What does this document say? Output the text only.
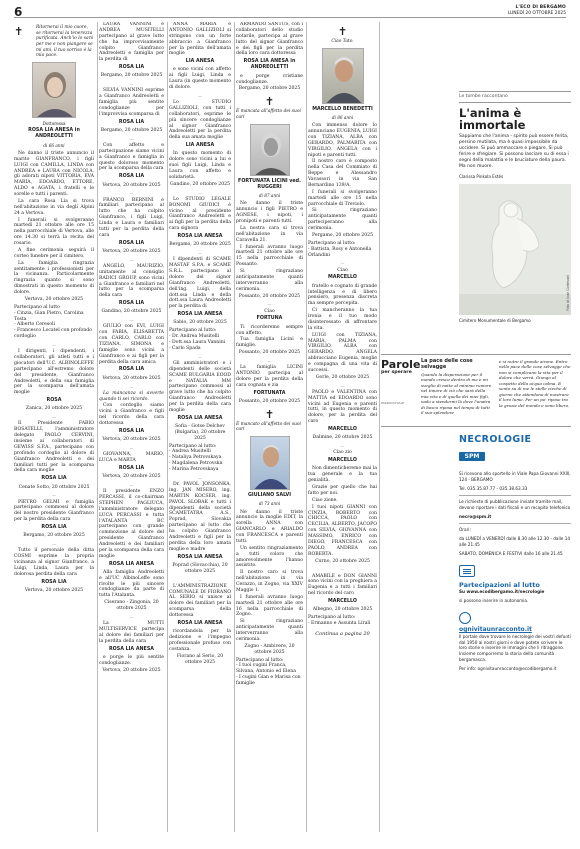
6	L'ECO DI BERGAMO
LUNEDÌ 20 OTTOBRE 2025
✝	Ritornerai il mio cuore, se ritornerai la tenerezza purificata. Anch'io lo sarò per me e non piangere se mi ami, il tuo sorriso è la mia pace.
Dottoressa
ROSA LIA ANESA in ANDREOLETTI
di 66 anni

Ne danno il triste annuncio il marito GIANFRANCO, i figli LUIGI con CAMILLA, LINDA con ANDREA e LAURA con NICOLA, gli adorati nipoti VITTORIA, EVA MARIA, EDOARDO, ETTORE, ALDO e AGATA, i fratelli e le sorelle e tutti i parenti.

La cara Rosa Lia si trova nell'abitazione in via degli Alpini 24 a Vertova.

I funerali si svolgeranno martedì 21 ottobre alle ore 15 nella parrocchiale di Vertova, alle ore 14.30 si terrà la recita del rosario.

A fine cerimonia seguirà il corteo funebre per il cimitero.

La famiglia ringrazia sentitamente i professionisti per la vicinanza. Particolarmente ringrazia quanto si sono dimostrati in questo momento di dolore.

Vertova, 20 ottobre 2025
Partecipano al lutto
- Cinzia, Gian Pietro, Carolina Tosta
- Alberto Ceresoli
- Francesco Locatel con profondo cordoglio
—

I dirigenti, i dipendenti, i collaboratori, gli atleti tutti e i giocatori dell'U.C. ALBINOLEFFE partecipano all'estremo dolore del presidente, Gianfranco Andreoletti, e della sua famiglia per la scomparsa dell'amata moglie

ROSA
Zanica, 20 ottobre 2025
—

Il Presidente FABIO BOSATELLI, l'amministratore delegato PAOLO CERVINI, insieme ai collaboratori di GEWISS S.P.A., partecipano con profondo cordoglio al dolore di Gianfranco Andreoletti e dei familiari tutti per la scomparsa della cara moglie

ROSA LIA
Cenate Sotto, 20 ottobre 2025
—

PIETRO GELMI e famiglia partecipano commossi al dolore del nostro presidente Gianfranco per la perdita della cara

ROSA LIA
Bergamo, 20 ottobre 2025
—

Tutto il personale della ditta COSMI esprime la propria vicinanza al signor Gianfranco, a Luigi, Linda, Laura per la dolorosa perdita della cara

ROSA LIA
Vertova, 20 ottobre 2025

LAURA VANNINI e ANDREA MUSITELLI partecipano al grave lutto che ha improvvisamente colpito Gianfranco Andreoletti e famiglia per la perdita di

ROSA LIA
Bergamo, 20 ottobre 2025
—

SILVIA VANNINI esprime a Gianfranco Andreoletti e famiglia più sentite condoglianze per l'improvvisa scomparsa di

ROSA LIA
Bergamo, 20 ottobre 2025
—

Con affetto e partecipazione siamo vicini a Gianfranco e famiglia in questo doloroso momento per la scomparsa della cara

ROSA LIA
Vertova, 20 ottobre 2025
—

FRANCO BERNINI e familiari partecipano al lutto che ha colpito Gianfranco, i figli Luigi, Linda e Laura e familiari tutti per la perdita della cara

ROSA LIA
Vertova, 20 ottobre 2025
—

ANGELO, MAURIZIO, unitamente al consiglio RADICI GROUP, sono vicini a Gianfranco e familiari nel lutto per la scomparsa della cara

ROSA LIA
Gandino, 20 ottobre 2025
—

GIULIO con EVI, LUIGI con FABIA, ELISABETTA con CARLO, CARLO con TIZIANA, SIMONA e famiglie sono vicini a Gianfranco e ai figli per la perdita della cara amica

ROSA LIA
Vertova, 20 ottobre 2025
—

La mancanza si avverte quando ti sei ricordo.

Con cordoglio siamo vicini a Gianfranco e figli nel ricordo della cara dottoressa

ROSA LIA
Vertova, 20 ottobre 2025
—

GIOVANNA, MARIO, LUCA e MARTA

ROSA LIA
Vertova, 20 ottobre 2025
—

Il presidente ENZO PERCASSI, il co-chairman STEPHEN PAGLIUCA, l'amministratore delegato LUCA PERCASSI e tutta l'ATALANTA BC partecipano con grande commozione al dolore del presidente Gianfranco Andreoletti e dei familiari per la scomparsa della cara moglie

ROSA LIA ANESA

Alla famiglia Andreoletti e all'UC AlbinoLeffe sono rivolte le più sincere condoglianze da parte di tutta l'Atalanta.

Ciserano - Zingonia, 20 ottobre 2025
—

La MUTTI MULTISERVICE partecipa al dolore dei familiari per la perdita della cara

ROSA LIA ANESA

e porge le più sentite condoglianze.

Vertova, 20 ottobre 2025

ANNA MARIA e ANTONIO GALLIZIOLI si stringono con un forte abbraccio a Gianfranco per la perdita dell'amata moglie

LIA ANESA

e sono vicini con affetto ai figli Luigi, Linda e Laura (in questo momento di dolore.

—

Lo STUDIO GALLIZIOLI, con tutti i collaboratori, esprime le più sincere condoglianze al signor Gianfranco Andreoletti per la perdita della sua amata moglie

LIA ANESA

In questo momento di dolore sono vicini a lui e suoi figli Luigi, Linda e Laura con affetto e solidarietà.

Gandino, 20 ottobre 2025
—

Lo STUDIO LEGALE BONOMI GIUDICI è vicino al presidente Gianfranco Andreoletti e ai figli per la perdita della cara signora

ROSA LIA ANESA
Bergamo, 20 ottobre 2025
—

I dipendenti di SCAME MASTAF S.P.A. e SCAME S.R.L. partecipano al dolore del signor Gianfranco Andreoletti, dell'ing. Luigi, della dott.ssa Linda e della dott.ssa Laura Andreoletti per la perdita di

ROSA LIA ANESA
Sabio, 20 ottobre 2025
Partecipano al lutto:
- Dr. Andrea Musitelli
- Dott.ssa Laura Vannini
- Carlo Spada
—

Gli amministratori e i dipendenti delle società SCAME BULGARIA EOOD e NATALIA MM partecipano commossi al grave lutto che ha colpito Gianfranco Andreoletti per la perdita della cara moglie

ROSA LIA ANESA
Sofia - Gotse Delchev (Bulgaria), 20 ottobre 2025
Partecipano al lutto:
- Andrea Musitelli
- Nataliya Petrovskaya
- Magdalena Petrovska
- Marina Petrovskaya
—

Dr. PAVOL JONSONKA, ing. JAN MISERO, ing. MARTIN KOCSER, ing. PAVOL SLOBAK e tutti i dipendenti della società SCAMETATRA A.S., Poprad, Slovakia partecipano al lutto che ha colpito Gianfranco Andreoletti e figli per la perdita della loro amata moglie e madre

ROSA LIA ANESA
Poprad (Slovacchia), 20 ottobre 2025
—

L'AMMINISTRAZIONE COMUNALE DI FIORANO AL SERIO si unisce al dolore dei familiari per la scomparsa della dottoressa

ROSA LIA ANESA

ricordandola per la dedizione e l'impegno professionale profuso con costanza.

Fiorano al Serio, 20 ottobre 2025

ARMANDO SANTUS, con i collaboratori dello studio notarile, partecipa al grave lutto del signor Gianfranco e dei figli per la perdita della loro cara dottoressa

ROSA LIA ANESA in ANDREOLETTI

e porge cristiane condoglianze.

Bergamo, 20 ottobre 2025
✝
È mancata all'affetto dei suoi cari
FORTUNATA LICINI ved. RUGGERI
di 87 anni

Ne danno il triste annuncio i figli PIETRO e AGNESE, i nipoti, i pronipoti e parenti tutti.

La nostra cara si trova nell'abitazione in via Caravella 21.

I funerali avranno luogo martedì 21 ottobre alle ore 15 nella parrocchiale di Possanto.

Si ringraziano anticipatamente quanti interverranno alla cerimonia.

Possanto, 20 ottobre 2025
—
Ciao
FORTUNA

Ti ricorderemo sempre con affetto.

Tua famiglia Licini e famiglie.

Possanto, 20 ottobre 2025
—

La famiglia LICINI ANTONIO partecipa al dolore per la perdita della cara cognata e zia

FORTUNATA
Possanto, 20 ottobre 2025
✝
È mancato all'affetto dei suoi cari
GIULIANO SALVI
di 73 anni

Ne danno il triste annuncio la moglie EDIT, la sorella ANNA con GIANCARLO e ARIALDO con FRANCESCA e parenti tutti.

Un sentito ringraziamento a tutti coloro che amorevolmente l'hanno assistito.

Il nostro caro si trova nell'abitazione in via Cerazzo, in Zogno, via XXIV Maggio 1.

I funerali avranno luogo martedì 21 ottobre alle ore 16 nella parrocchiale di Zogno.

Si ringraziano anticipatamente quanti interverranno alla cerimonia.

Zogno - Ambivere, 20 ottobre 2025
Partecipano al lutto:
- I tuoi cugini Franca, Silvana, Antonio ed Elena
- I cugini Gian e Marisa con famiglie
✝
Ciao Tato.
MARCELLO BENEDETTI
di 86 anni

Con immenso dolore lo annunciano EUGENIA, LUIGI con TIZIANA, ALBA con GERARDO, PALMARITA con VIRGILIO, ANGELA con i nipoti e parenti tutti.

Il nostro caro è composto nella Casa del Commiato di Beppe e Alessandro Vavassori in via San Bernardino 139/A.

I funerali si svolgeranno martedì alle ore 15 nella parrocchiale di Treviolo.

Si ringraziano anticipatamente quanti parteciperanno alla cerimonia.

Pergamo, 20 ottobre 2025
Partecipano al lutto:
- Battista, Rosy e Antonella Orlandini
—
Ciao
MARCELLO

fratello e cognato di grande intelligenza e di libero pensiero, presenza discreta ma sempre percepita.

Ci mancheranno la tua ironia e il tuo modo disinteressato di affrontare la vita.

LUIGI con TIZIANA, MARIA, PALMA con VIRGILIO, ALBA con GERARDO, ANGELA abbracciano Eugenia, moglie e compagna di una vita di successi.

Gorle, 20 ottobre 2025
—

PAOLO e VALENTINA con MATTIA ed EDOARDO sono vicini ad Eugenia e parenti tutti, in questo momento di dolore, per la perdita del caro

MARCELLO
Dalmine, 20 ottobre 2025
—
Ciao zio
MARCELLO

Non dimenticheremo mai la tua generale e la tua genialità.

Grazie per quello che hai fatto per noi.

Ciao zione.

I tuoi nipoti GIANNI con CINZIA, ROBERTO con CHICCA, PAOLO con CECILIA, ALBERTO, JACOPO con SILVIA, GIOVANNA con MASSIMO, ENRICO con DIEGO, FRANCESCA con PAOLO, ANDREA con ROBERTA.

Curno, 20 ottobre 2025
—

AMABILE e DON GIANNI sono vicini con la preghiera a Eugenia e a tutti i familiari nel ricordo del caro

MARCELLO
Albegno, 20 ottobre 2025
Partecipano al lutto:
- Ermanno e Assunta Lirali
Continua a pagina 20
Le tombe raccontano
L'anima è immortale
Sappiamo che l'anima - spirito può essere ferita, persino mutilata, ma è quasi impossibile da uccidere. Si può ammaccare e piegare. Si può ferire e sfregiare. Si possono lasciare su di essa i segni della malattia e le bruciature della paura. Ma non muore.
Clarissa Pinkola Estés
Foto di Ivan Cortesani
Cimitero Monumentale di Bergamo
Parole
per sperare
PARROCCHIALE
La pace delle cose selvagge
Quando la disperazione per il mondo cresce dentro di me e mi sveglio di notte al minimo rumore nel timore di ciò che sarà della mia vita e di quella dei miei figli, vado a stendermi là dove l'anatra di bosco riposa nel tempo di tutti il suo splendore
e si nutre il grande airone. Entro nella pace delle cose selvagge che non si complicano la vita per il dolore che verrà. Giungo al cospetto della acqua calma. E sento su di me le stelle cieche di giorno che attendono di mostrare il loro lume. Per un po' riposo tra la grazie del mondo e sono libero.
NECROLOGIE
SPM
Si ricevono allo sportello in Viale Papa Giovanni XXIII, 124 - BERGAMO
Tel. 035.35.87.77 - 035.38.63.33
Le richieste di pubblicazione inviate tramite mail, devono riportare i dati fiscali e un recapito telefonico
necro@spm.it
Orari:
da LUNEDÌ a VENERDÌ dalle 8.30 alle 12.30 - dalle 14 alle 21.45
SABATO, DOMENICA E FESTIVI dalle 16 alle 21.45
Partecipazioni al lutto
Su www.ecodibergamo.it/necrologie
si possono inserire in autonomia.
ognivitaunracconto.it
Il portale dove trovare le necrologie dei vostri defunti dal 1950 ai nostri giorni e dove potete scrivere le loro storie e inserire le immagini che li ritraggono. Insieme comporremo la storia della comunità bergamasca.
Per info: ognivitaunracconto@ecodibergamo.it
